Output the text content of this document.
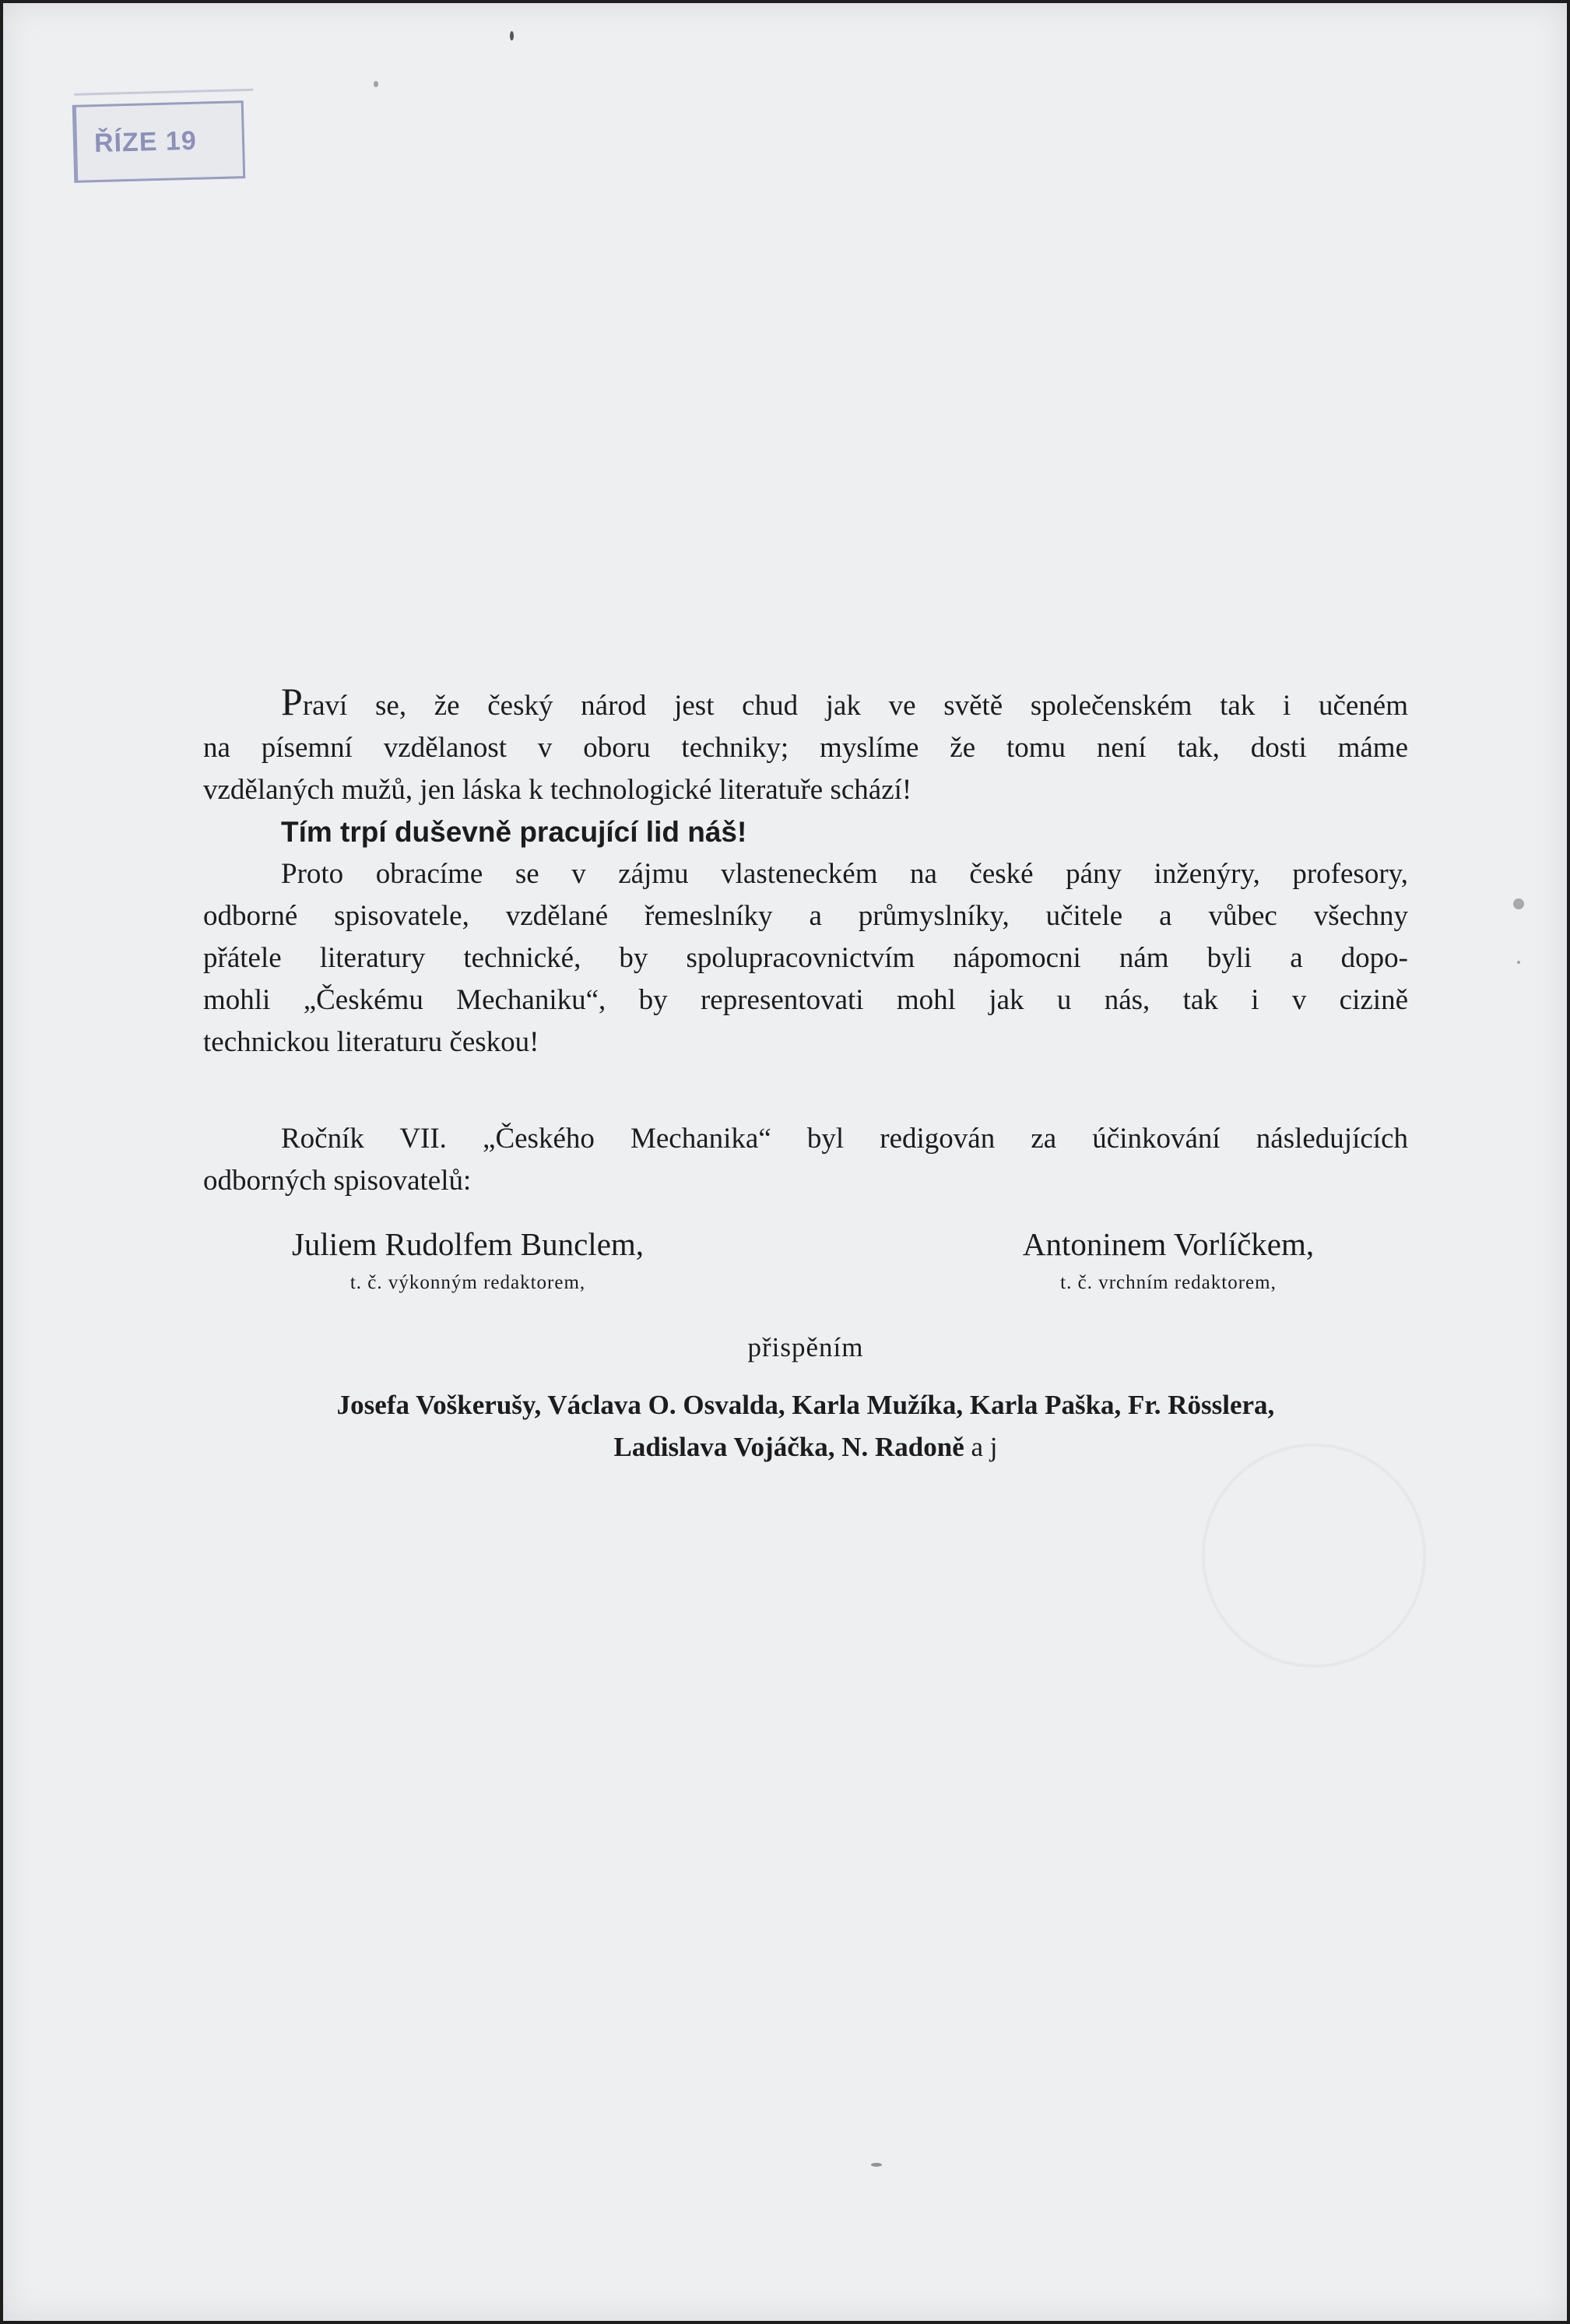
ŘÍZE 19

Praví se, že český národ jest chud jak ve světě společenském tak i učeném

na písemní vzdělanost v oboru techniky; myslíme že tomu není tak, dosti máme

vzdělaných mužů, jen láska k technologické literatuře schází!

Tím trpí duševně pracující lid náš!

Proto obracíme se v zájmu vlasteneckém na české pány inženýry, profesory,

odborné spisovatele, vzdělané řemeslníky a průmyslníky, učitele a vůbec všechny

přátele literatury technické, by spolupracovnictvím nápomocni nám byli a dopo-

mohli „Českému Mechaniku“, by representovati mohl jak u nás, tak i v cizině

technickou literaturu českou!

Ročník VII. „Českého Mechanika“ byl redigován za účinkování následujících

odborných spisovatelů:

Juliem Rudolfem Bunclem,
t. č. výkonným redaktorem,
Antoninem Vorlíčkem,
t. č. vrchním redaktorem,
přispěním
Josefa Voškerušy, Václava O. Osvalda, Karla Mužíka, Karla Paška, Fr. Rösslera,
Ladislava Vojáčka, N. Radoně a j
